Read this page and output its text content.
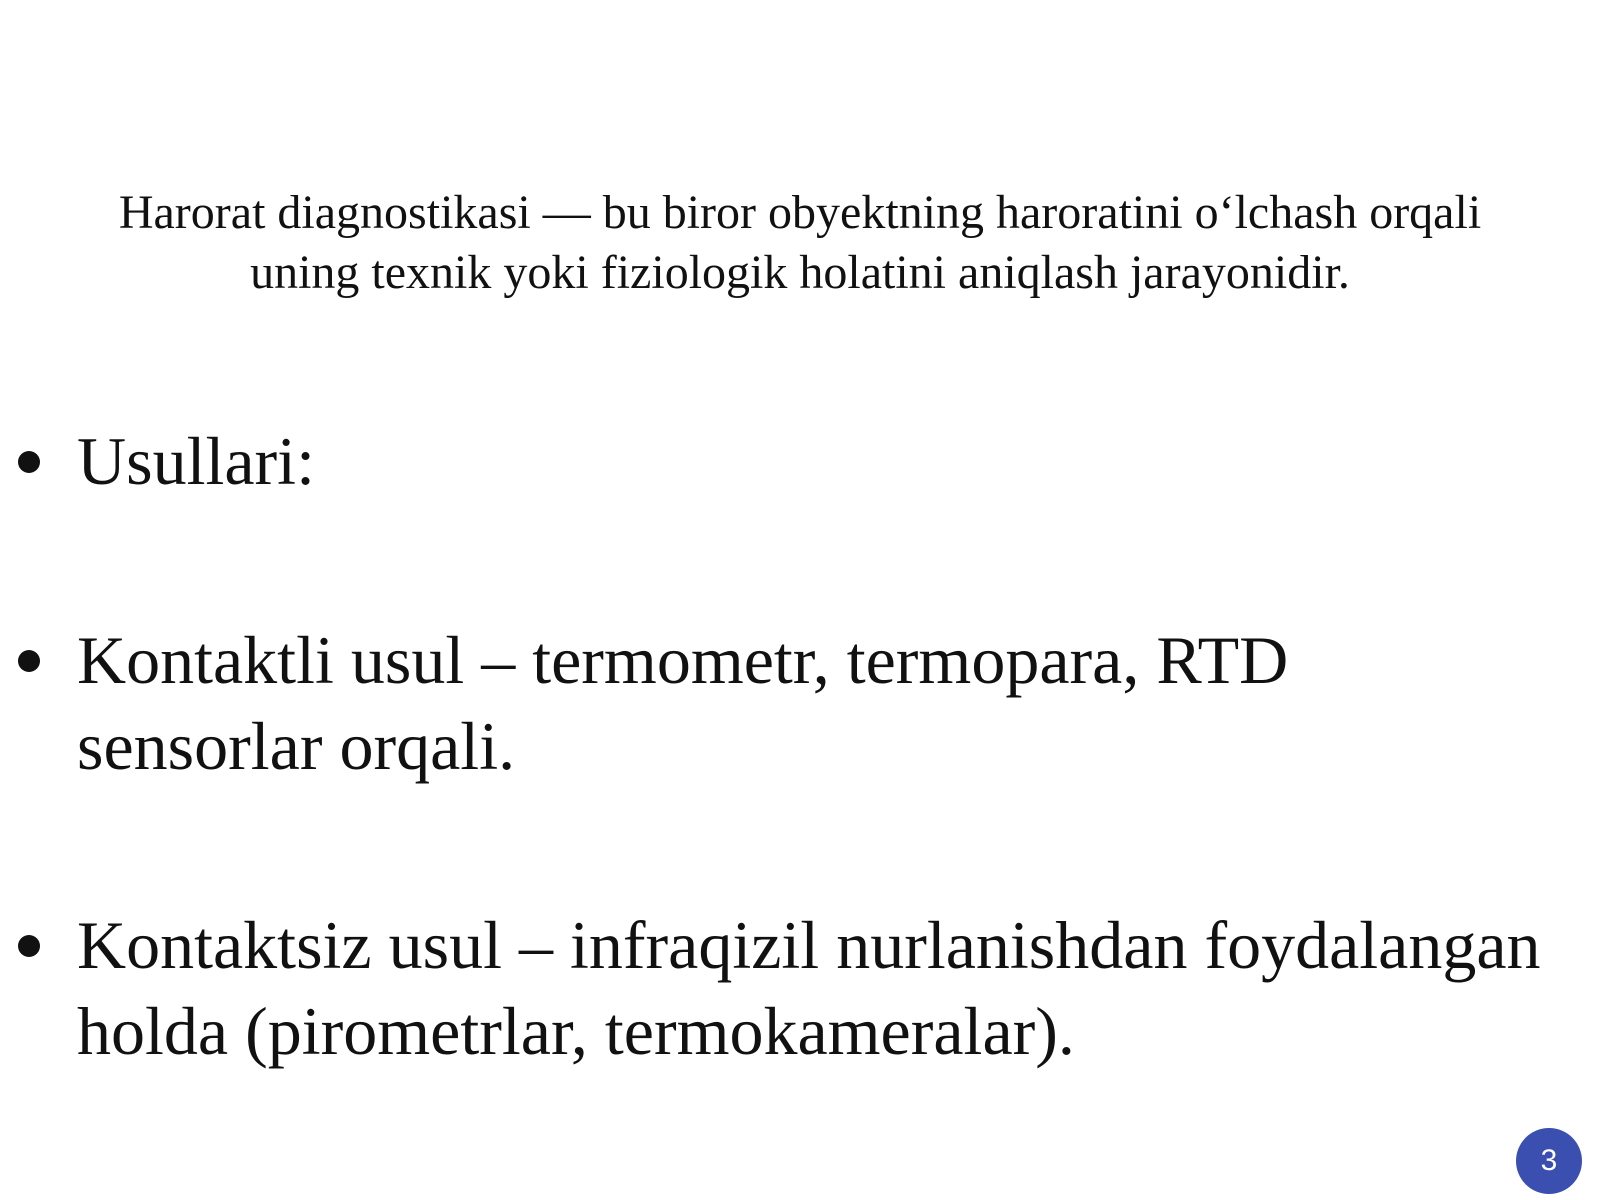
Harorat diagnostikasi — bu biror obyektning haroratini o‘lchash orqali uning texnik yoki fiziologik holatini aniqlash jarayonidir.

Usullari:
Kontaktli usul – termometr, termopara, RTD sensorlar orqali.
Kontaktsiz usul – infraqizil nurlanishdan foydalangan holda (pirometrlar, termokameralar).
3
